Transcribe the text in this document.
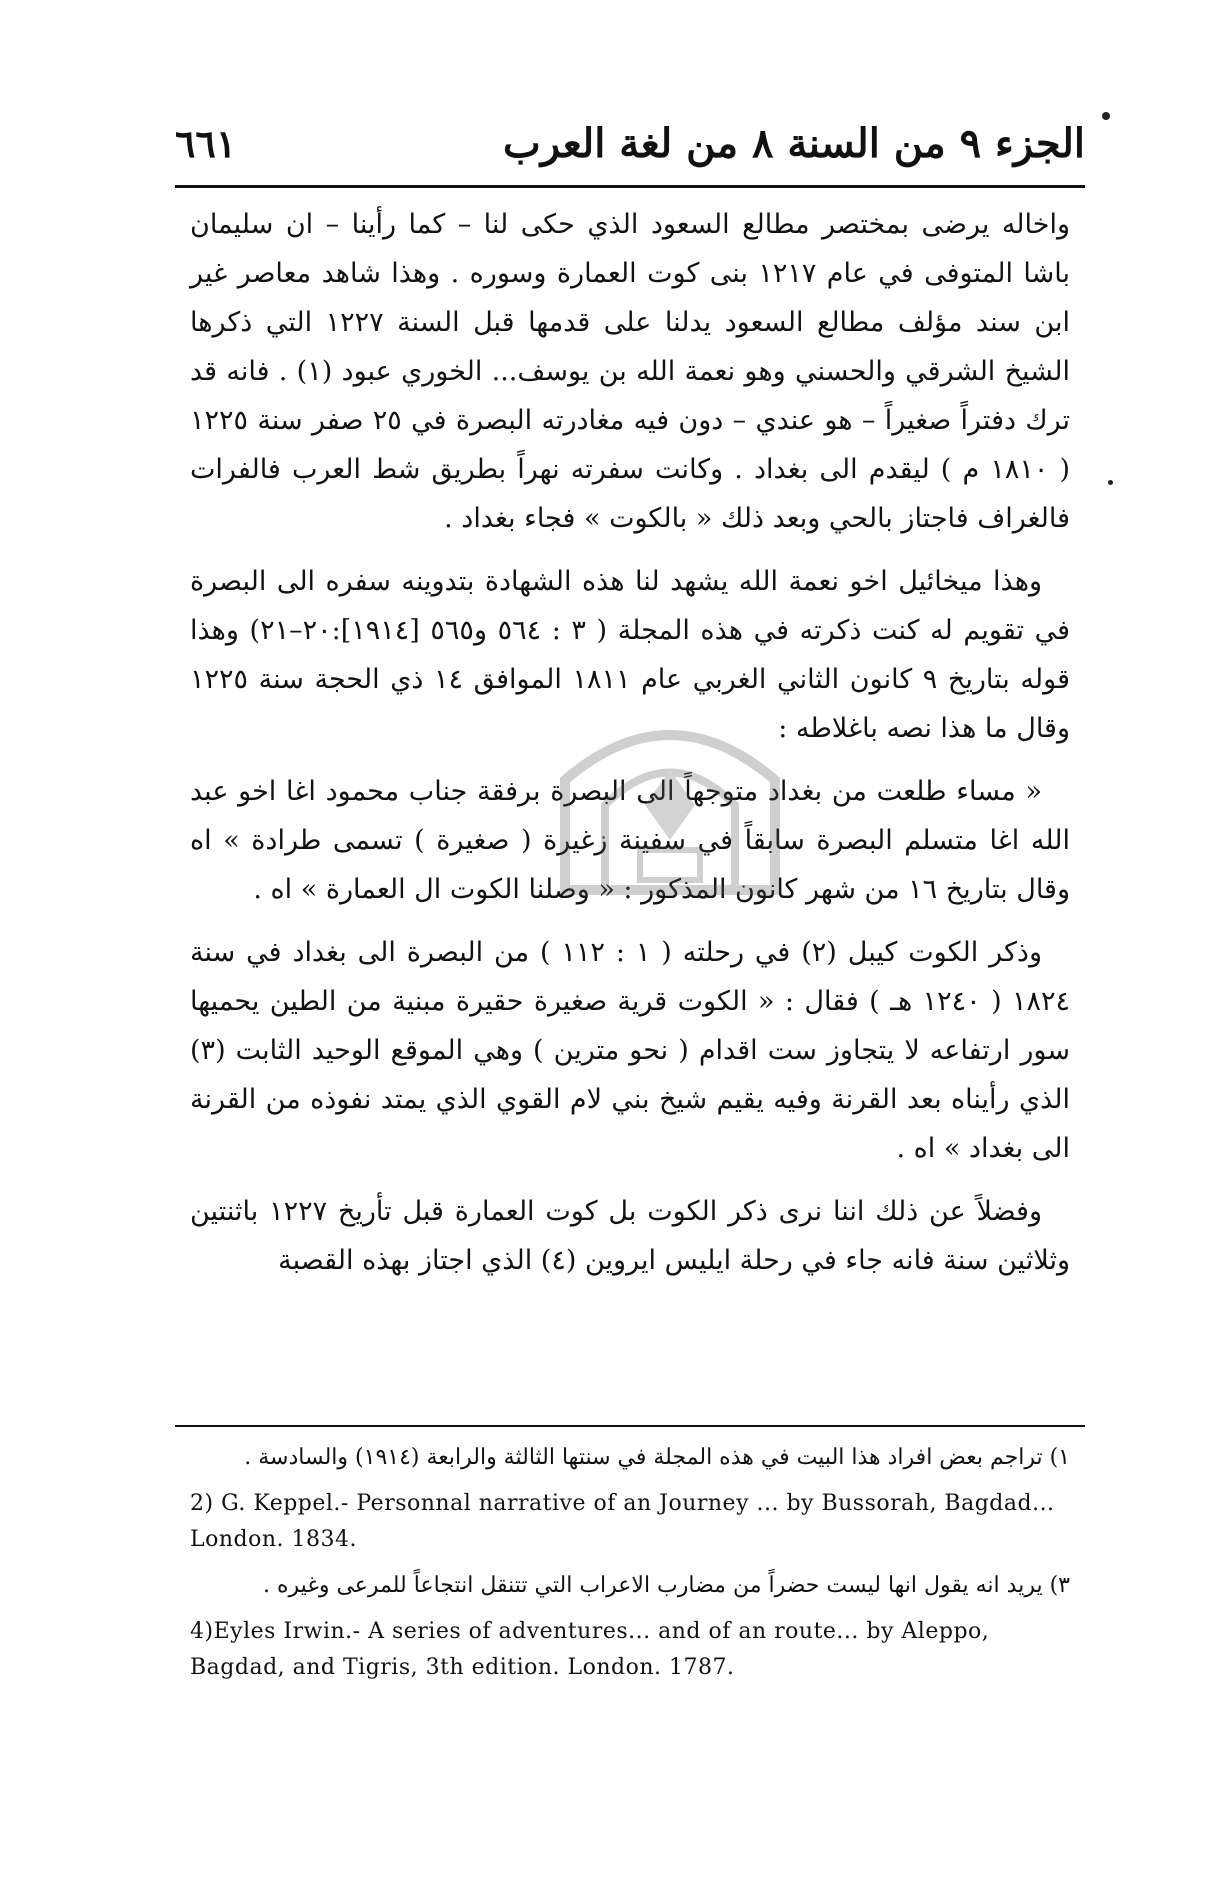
٦٦١	الجزء ٩ من السنة ٨ من لغة العرب

واخاله يرضى بمختصر مطالع السعود الذي حكى لنا – كما رأينا – ان سليمان باشا المتوفى في عام ١٢١٧ بنى كوت العمارة وسوره . وهذا شاهد معاصر غير ابن سند مؤلف مطالع السعود يدلنا على قدمها قبل السنة ١٢٢٧ التي ذكرها الشيخ الشرقي والحسني وهو نعمة الله بن يوسف... الخوري عبود (١) . فانه قد ترك دفتراً صغيراً – هو عندي – دون فيه مغادرته البصرة في ٢٥ صفر سنة ١٢٢٥ ( ١٨١٠ م ) ليقدم الى بغداد . وكانت سفرته نهراً بطريق شط العرب فالفرات فالغراف فاجتاز بالحي وبعد ذلك « بالكوت » فجاء بغداد .

وهذا ميخائيل اخو نعمة الله يشهد لنا هذه الشهادة بتدوينه سفره الى البصرة في تقويم له كنت ذكرته في هذه المجلة ( ٣ : ٥٦٤ و٥٦٥ [١٩١٤]:٢٠–٢١) وهذا قوله بتاريخ ٩ كانون الثاني الغربي عام ١٨١١ الموافق ١٤ ذي الحجة سنة ١٢٢٥ وقال ما هذا نصه باغلاطه :

« مساء طلعت من بغداد متوجهاً الى البصرة برفقة جناب محمود اغا اخو عبد الله اغا متسلم البصرة سابقاً في سفينة زغيرة ( صغيرة ) تسمى طرادة » اه وقال بتاريخ ١٦ من شهر كانون المذكور : « وصلنا الكوت ال العمارة » اه .

وذكر الكوت كيبل (٢) في رحلته ( ١ : ١١٢ ) من البصرة الى بغداد في سنة ١٨٢٤ ( ١٢٤٠ هـ ) فقال : « الكوت قرية صغيرة حقيرة مبنية من الطين يحميها سور ارتفاعه لا يتجاوز ست اقدام ( نحو مترين ) وهي الموقع الوحيد الثابت (٣) الذي رأيناه بعد القرنة وفيه يقيم شيخ بني لام القوي الذي يمتد نفوذه من القرنة الى بغداد » اه .

وفضلاً عن ذلك اننا نرى ذكر الكوت بل كوت العمارة قبل تأريخ ١٢٢٧ باثنتين وثلاثين سنة فانه جاء في رحلة ايليس ايروين (٤) الذي اجتاز بهذه القصبة

١) تراجم بعض افراد هذا البيت في هذه المجلة في سنتها الثالثة والرابعة (١٩١٤) والسادسة .

2) G. Keppel.- Personnal narrative of an Journey ... by Bussorah, Bagdad... London. 1834.

٣) يريد انه يقول انها ليست حضراً من مضارب الاعراب التي تتنقل انتجاعاً للمرعى وغيره .

4)Eyles Irwin.- A series of adventures... and of an route... by Aleppo, Bagdad, and Tigris, 3th edition. London. 1787.
